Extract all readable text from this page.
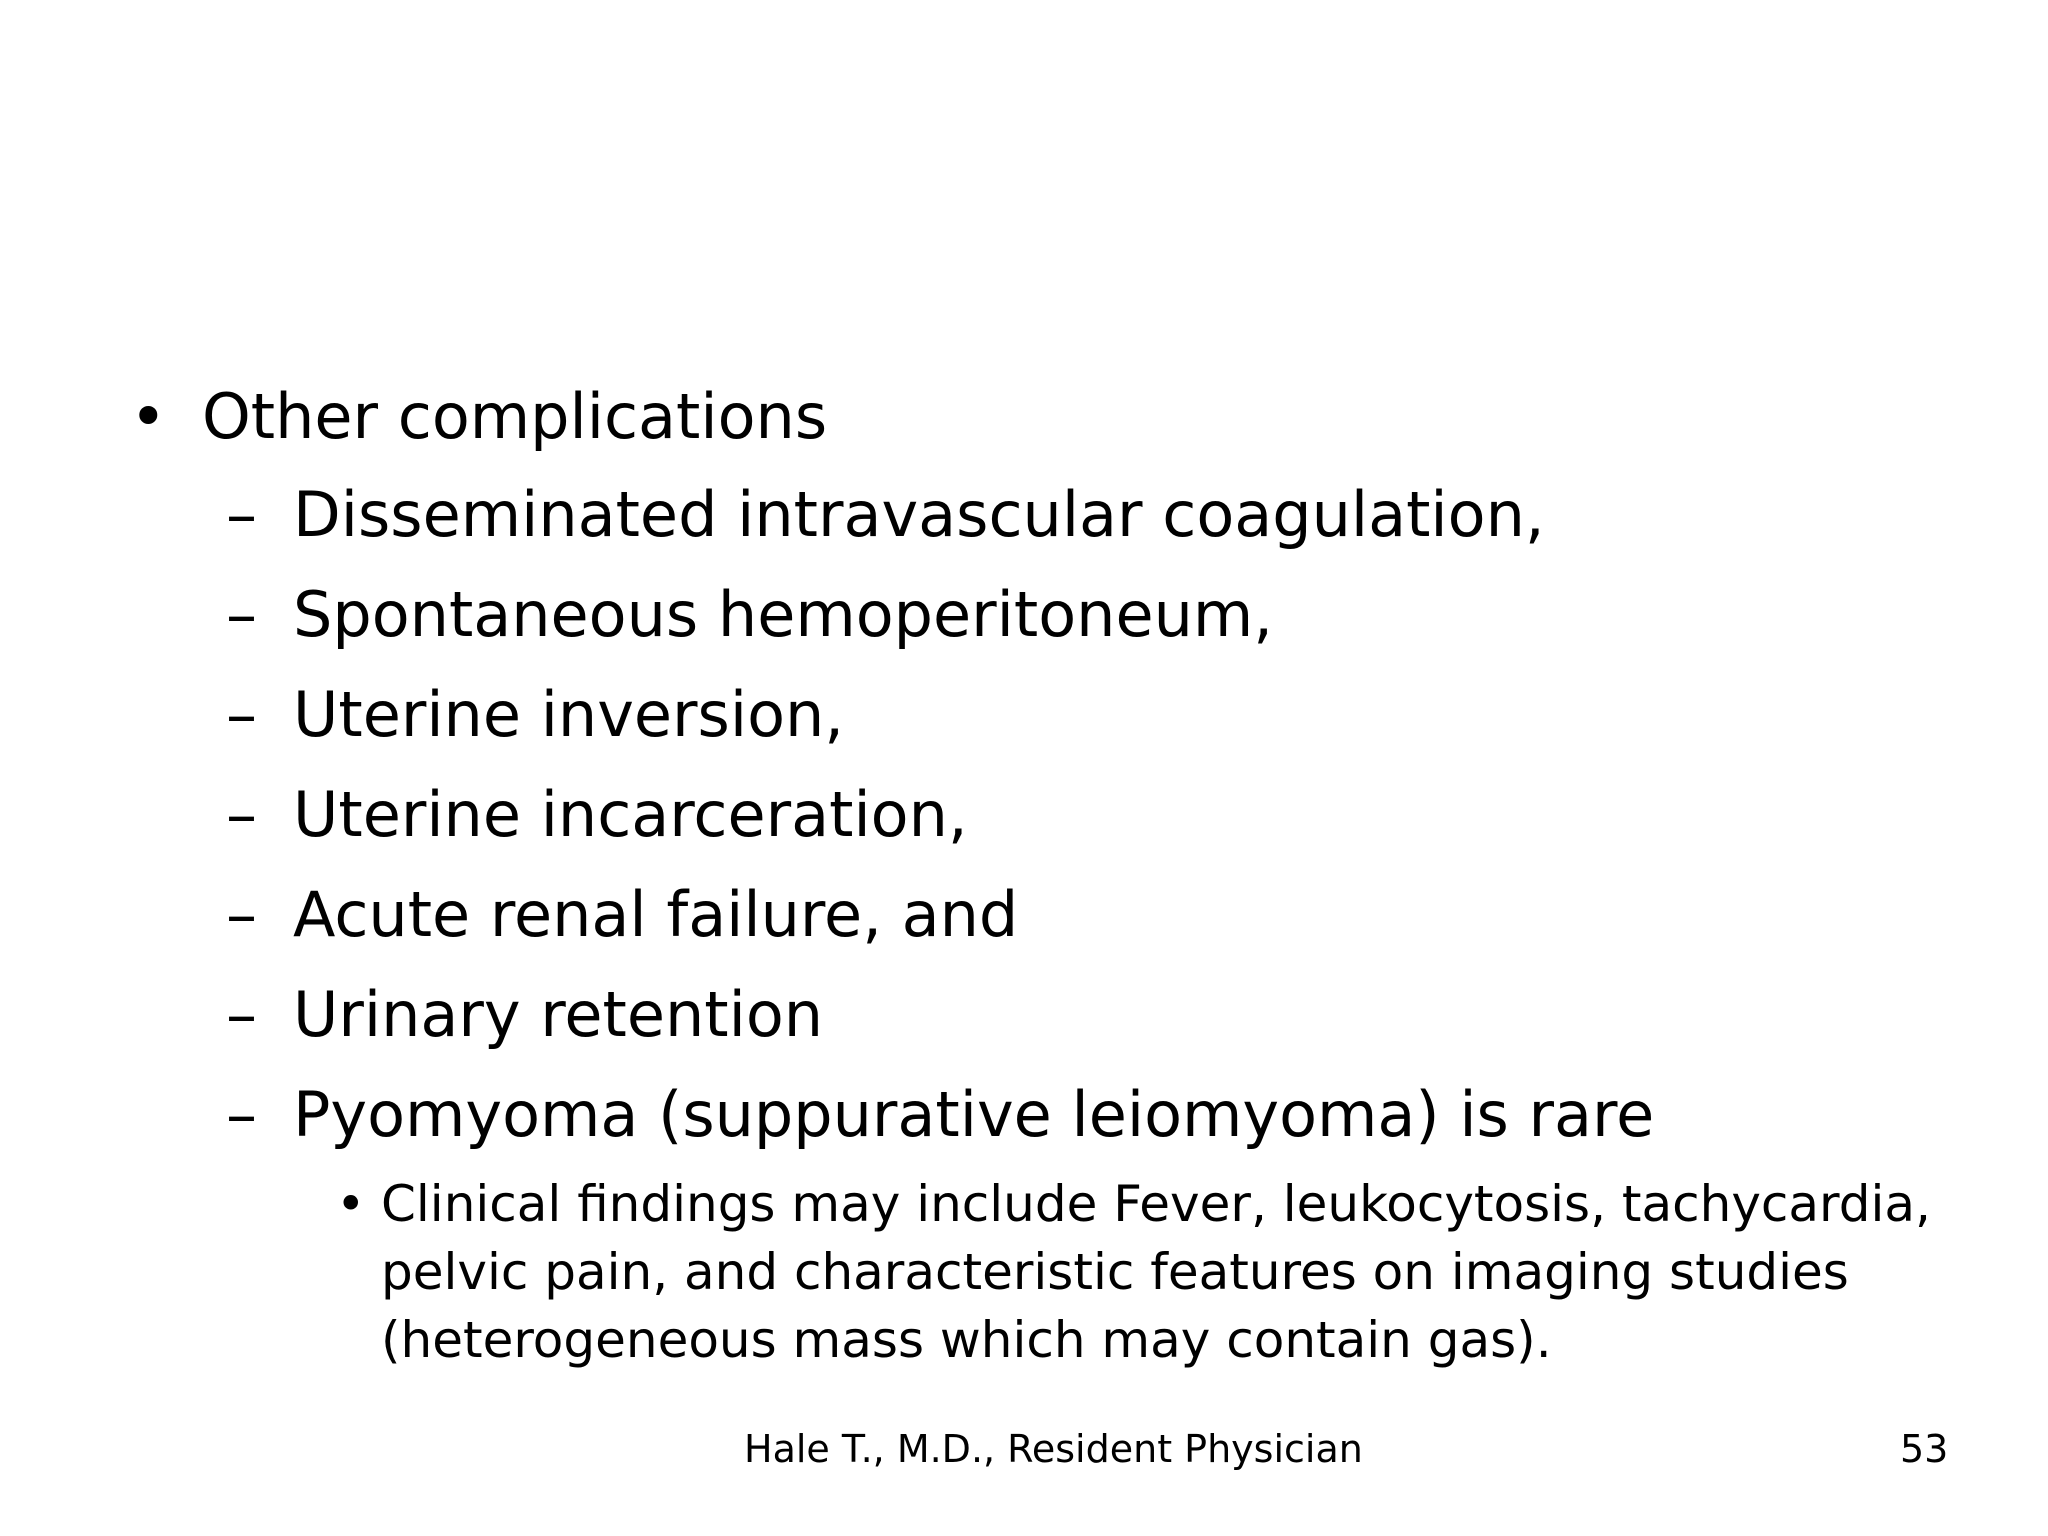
• Other complications
– Disseminated intravascular coagulation,
– Spontaneous hemoperitoneum,
– Uterine inversion,
– Uterine incarceration,
– Acute renal failure, and
– Urinary retention
– Pyomyoma (suppurative leiomyoma) is rare
• Clinical findings may include Fever, leukocytosis, tachycardia, pelvic pain, and characteristic features on imaging studies (heterogeneous mass which may contain gas).
Hale T., M.D., Resident Physician	53
